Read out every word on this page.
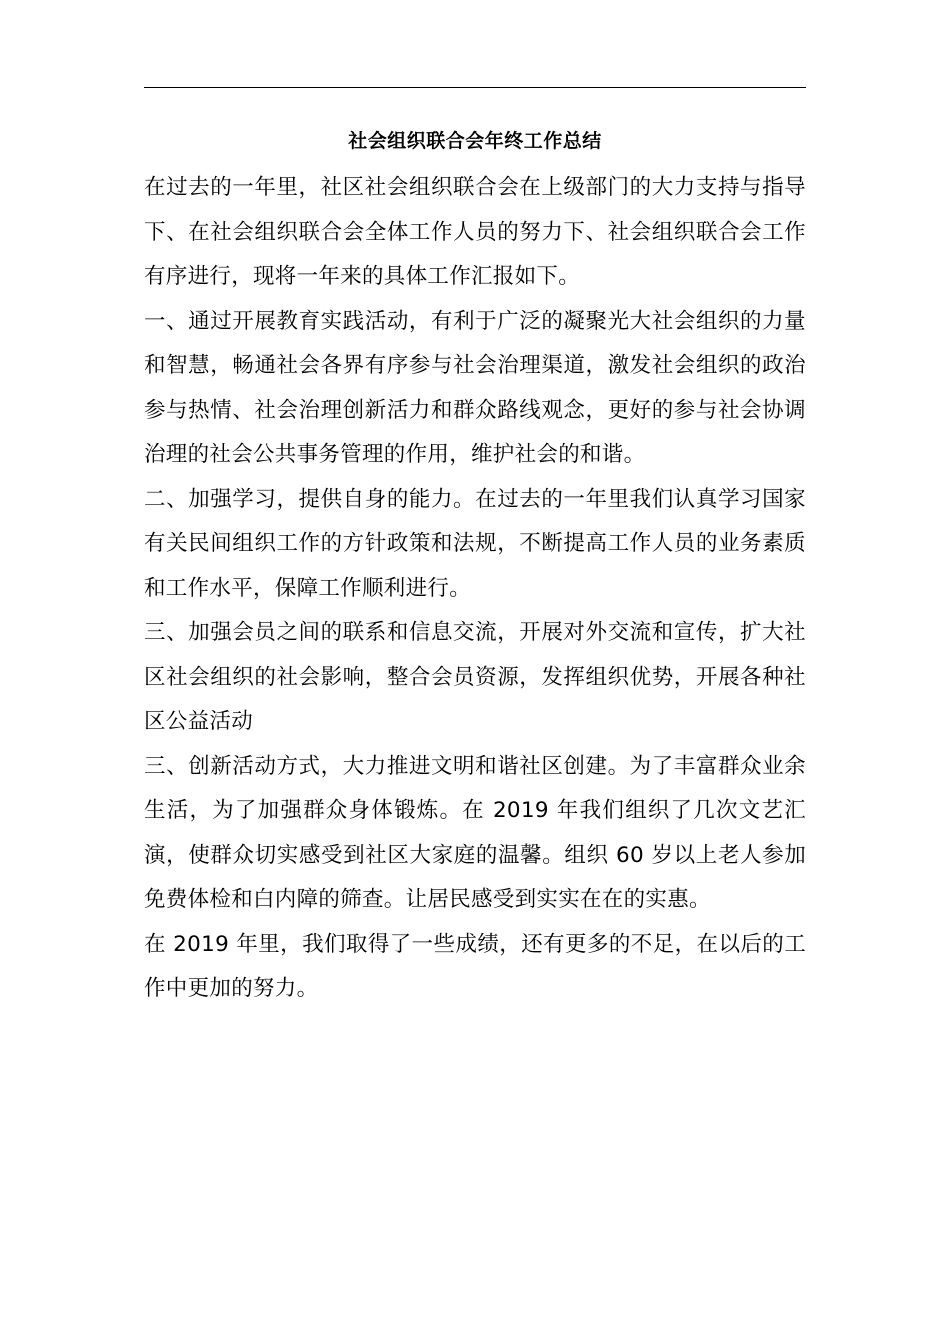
社会组织联合会年终工作总结

在过去的一年里，社区社会组织联合会在上级部门的大力支持与指导下、在社会组织联合会全体工作人员的努力下、社会组织联合会工作有序进行，现将一年来的具体工作汇报如下。

一、通过开展教育实践活动，有利于广泛的凝聚光大社会组织的力量和智慧，畅通社会各界有序参与社会治理渠道，激发社会组织的政治参与热情、社会治理创新活力和群众路线观念，更好的参与社会协调治理的社会公共事务管理的作用，维护社会的和谐。

二、加强学习，提供自身的能力。在过去的一年里我们认真学习国家有关民间组织工作的方针政策和法规，不断提高工作人员的业务素质和工作水平，保障工作顺利进行。

三、加强会员之间的联系和信息交流，开展对外交流和宣传，扩大社区社会组织的社会影响，整合会员资源，发挥组织优势，开展各种社区公益活动

三、创新活动方式，大力推进文明和谐社区创建。为了丰富群众业余生活，为了加强群众身体锻炼。在 2019 年我们组织了几次文艺汇演，使群众切实感受到社区大家庭的温馨。组织 60 岁以上老人参加免费体检和白内障的筛查。让居民感受到实实在在的实惠。

在 2019 年里，我们取得了一些成绩，还有更多的不足，在以后的工作中更加的努力。
